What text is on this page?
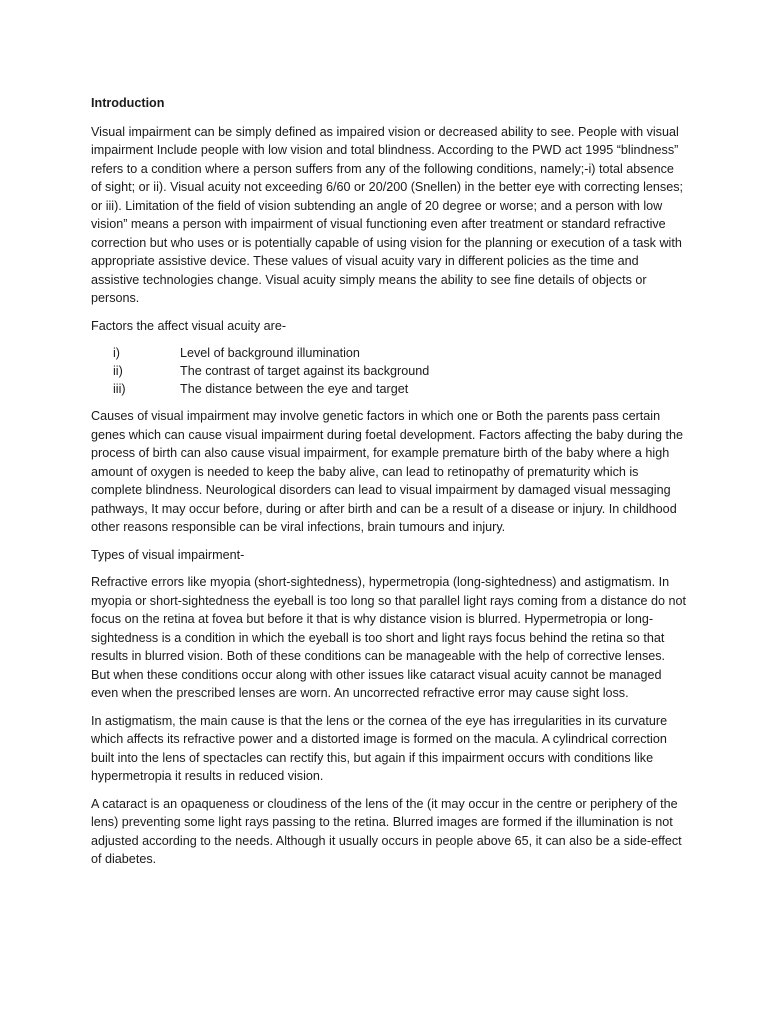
Introduction

Visual impairment can be simply defined as impaired vision or decreased ability to see. People with visual impairment Include people with low vision and total blindness. According to the PWD act 1995 “blindness” refers to a condition where a person suffers from any of the following conditions, namely;-i) total absence of sight; or ii). Visual acuity not exceeding 6/60 or 20/200 (Snellen) in the better eye with correcting lenses; or iii). Limitation of the field of vision subtending an angle of 20 degree or worse; and a person with low vision” means a person with impairment of visual functioning even after treatment or standard refractive correction but who uses or is potentially capable of using vision for the planning or execution of a task with appropriate assistive device. These values of visual acuity vary in different policies as the time and assistive technologies change. Visual acuity simply means the ability to see fine details of objects or persons.

Factors the affect visual acuity are-

i)	Level of background illumination
ii)	The contrast of target against its background
iii)	The distance between the eye and target

Causes of visual impairment may involve genetic factors in which one or Both the parents pass certain genes which can cause visual impairment during foetal development. Factors affecting the baby during the process of birth can also cause visual impairment, for example premature birth of the baby where a high amount of oxygen is needed to keep the baby alive, can lead to retinopathy of prematurity which is complete blindness. Neurological disorders can lead to visual impairment by damaged visual messaging pathways, It may occur before, during or after birth and can be a result of a disease or injury. In childhood other reasons responsible can be viral infections, brain tumours and injury.

Types of visual impairment-

Refractive errors like myopia (short-sightedness), hypermetropia (long-sightedness) and astigmatism. In myopia or short-sightedness the eyeball is too long so that parallel light rays coming from a distance do not focus on the retina at fovea but before it that is why distance vision is blurred. Hypermetropia or long-sightedness is a condition in which the eyeball is too short and light rays focus behind the retina so that results in blurred vision. Both of these conditions can be manageable with the help of corrective lenses. But when these conditions occur along with other issues like cataract visual acuity cannot be managed even when the prescribed lenses are worn. An uncorrected refractive error may cause sight loss.

In astigmatism, the main cause is that the lens or the cornea of the eye has irregularities in its curvature which affects its refractive power and a distorted image is formed on the macula. A cylindrical correction built into the lens of spectacles can rectify this, but again if this impairment occurs with conditions like hypermetropia it results in reduced vision.

A cataract is an opaqueness or cloudiness of the lens of the (it may occur in the centre or periphery of the lens) preventing some light rays passing to the retina. Blurred images are formed if the illumination is not adjusted according to the needs. Although it usually occurs in people above 65, it can also be a side-effect of diabetes.
